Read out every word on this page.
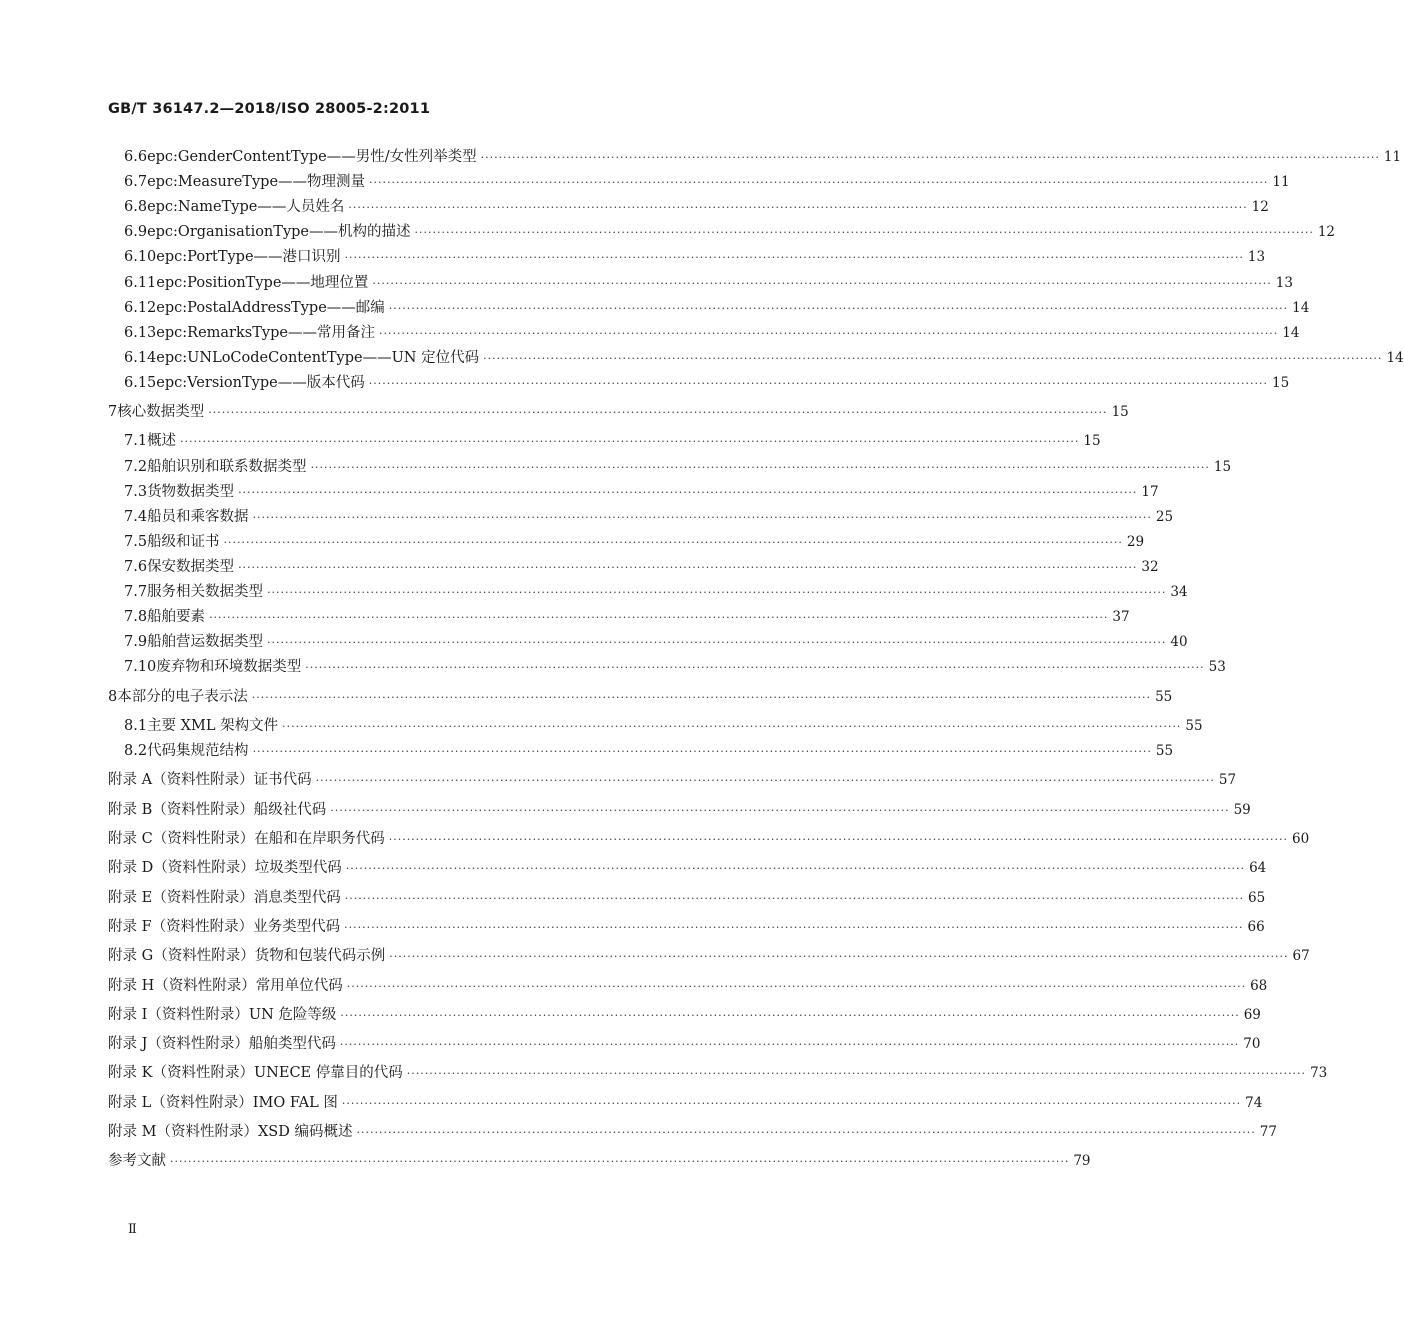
GB/T 36147.2—2018/ISO 28005-2:2011
6.6 epc:GenderContentType——男性/女性列举类型 ········································································································································································································ 11
6.7 epc:MeasureType——物理测量 ········································································································································································································ 11
6.8 epc:NameType——人员姓名 ········································································································································································································ 12
6.9 epc:OrganisationType——机构的描述 ········································································································································································································ 12
6.10 epc:PortType——港口识别 ········································································································································································································ 13
6.11 epc:PositionType——地理位置 ········································································································································································································ 13
6.12 epc:PostalAddressType——邮编 ········································································································································································································ 14
6.13 epc:RemarksType——常用备注 ········································································································································································································ 14
6.14 epc:UNLoCodeContentType——UN 定位代码 ········································································································································································································ 14
6.15 epc:VersionType——版本代码 ········································································································································································································ 15
7 核心数据类型 ········································································································································································································ 15
7.1 概述 ········································································································································································································ 15
7.2 船舶识别和联系数据类型 ········································································································································································································ 15
7.3 货物数据类型 ········································································································································································································ 17
7.4 船员和乘客数据 ········································································································································································································ 25
7.5 船级和证书 ········································································································································································································ 29
7.6 保安数据类型 ········································································································································································································ 32
7.7 服务相关数据类型 ········································································································································································································ 34
7.8 船舶要素 ········································································································································································································ 37
7.9 船舶营运数据类型 ········································································································································································································ 40
7.10 废弃物和环境数据类型 ········································································································································································································ 53
8 本部分的电子表示法 ········································································································································································································ 55
8.1 主要 XML 架构文件 ········································································································································································································ 55
8.2 代码集规范结构 ········································································································································································································ 55
附录 A（资料性附录） 证书代码 ········································································································································································································ 57
附录 B（资料性附录） 船级社代码 ········································································································································································································ 59
附录 C（资料性附录） 在船和在岸职务代码 ········································································································································································································ 60
附录 D（资料性附录） 垃圾类型代码 ········································································································································································································ 64
附录 E（资料性附录） 消息类型代码 ········································································································································································································ 65
附录 F（资料性附录） 业务类型代码 ········································································································································································································ 66
附录 G（资料性附录） 货物和包装代码示例 ········································································································································································································ 67
附录 H（资料性附录） 常用单位代码 ········································································································································································································ 68
附录 I（资料性附录） UN 危险等级 ········································································································································································································ 69
附录 J（资料性附录） 船舶类型代码 ········································································································································································································ 70
附录 K（资料性附录） UNECE 停靠目的代码 ········································································································································································································ 73
附录 L（资料性附录） IMO FAL 图 ········································································································································································································ 74
附录 M（资料性附录） XSD 编码概述 ········································································································································································································ 77
参考文献 ········································································································································································································ 79
Ⅱ
